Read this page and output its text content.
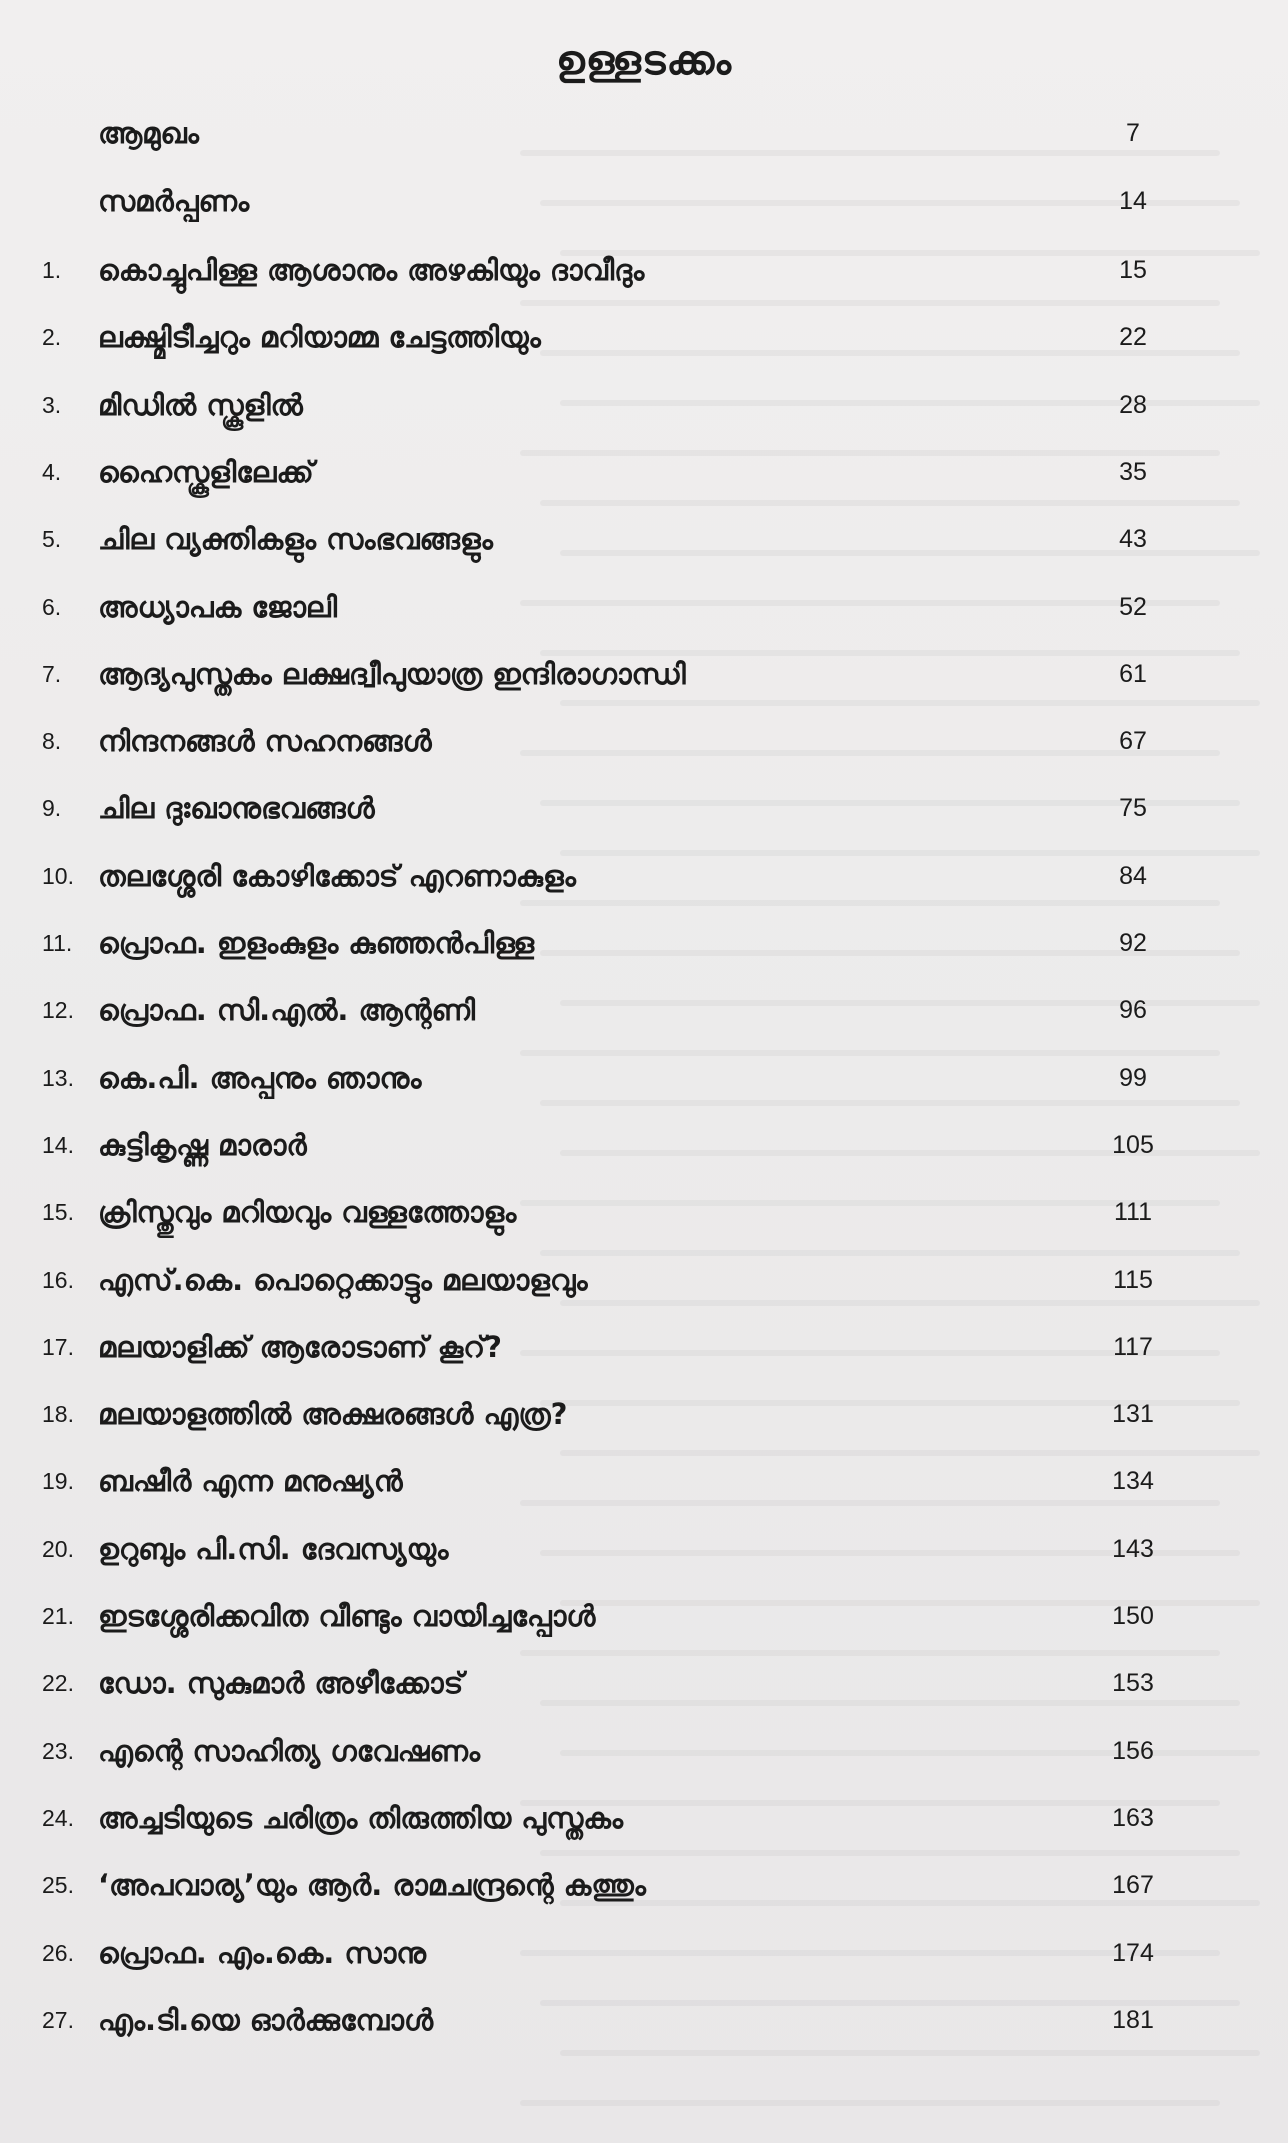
ഉള്ളടക്കം
ആമുഖം	7
സമർപ്പണം	14
1.	കൊച്ചുപിള്ള ആശാനും അഴകിയും ദാവീദും	15
2.	ലക്ഷ്മിടീച്ചറും മറിയാമ്മ ചേട്ടത്തിയും	22
3.	മിഡിൽ സ്കൂളിൽ	28
4.	ഹൈസ്കൂളിലേക്ക്	35
5.	ചില വ്യക്തികളും സംഭവങ്ങളും	43
6.	അധ്യാപക ജോലി	52
7.	ആദ്യപുസ്തകം ലക്ഷദ്വീപുയാത്ര ഇന്ദിരാഗാന്ധി	61
8.	നിന്ദനങ്ങൾ സഹനങ്ങൾ	67
9.	ചില ദുഃഖാനുഭവങ്ങൾ	75
10. തലശ്ശേരി കോഴിക്കോട് എറണാകുളം	84
11. പ്രൊഫ. ഇളംകുളം കുഞ്ഞൻപിള്ള	92
12. പ്രൊഫ. സി.എൽ. ആന്റണി	96
13. കെ.പി. അപ്പനും ഞാനും	99
14. കുട്ടികൃഷ്ണ മാരാർ	105
15. ക്രിസ്തുവും മറിയവും വള്ളത്തോളും	111
16. എസ്.കെ. പൊറ്റെക്കാട്ടും മലയാളവും	115
17. മലയാളിക്ക് ആരോടാണ് കൂറ്?	117
18. മലയാളത്തിൽ അക്ഷരങ്ങൾ എത്ര?	131
19. ബഷീർ എന്ന മനുഷ്യൻ	134
20. ഉറുബും പി.സി. ദേവസ്യയും	143
21. ഇടശ്ശേരിക്കവിത വീണ്ടും വായിച്ചപ്പോൾ	150
22. ഡോ. സുകുമാർ അഴീക്കോട്	153
23. എന്റെ സാഹിത്യ ഗവേഷണം	156
24. അച്ചടിയുടെ ചരിത്രം തിരുത്തിയ പുസ്തകം	163
25. ‘അപവാര്യ’യും ആർ. രാമചന്ദ്രന്റെ കത്തും	167
26. പ്രൊഫ. എം.കെ. സാനു	174
27. എം.ടി.യെ ഓർക്കുമ്പോൾ	181
